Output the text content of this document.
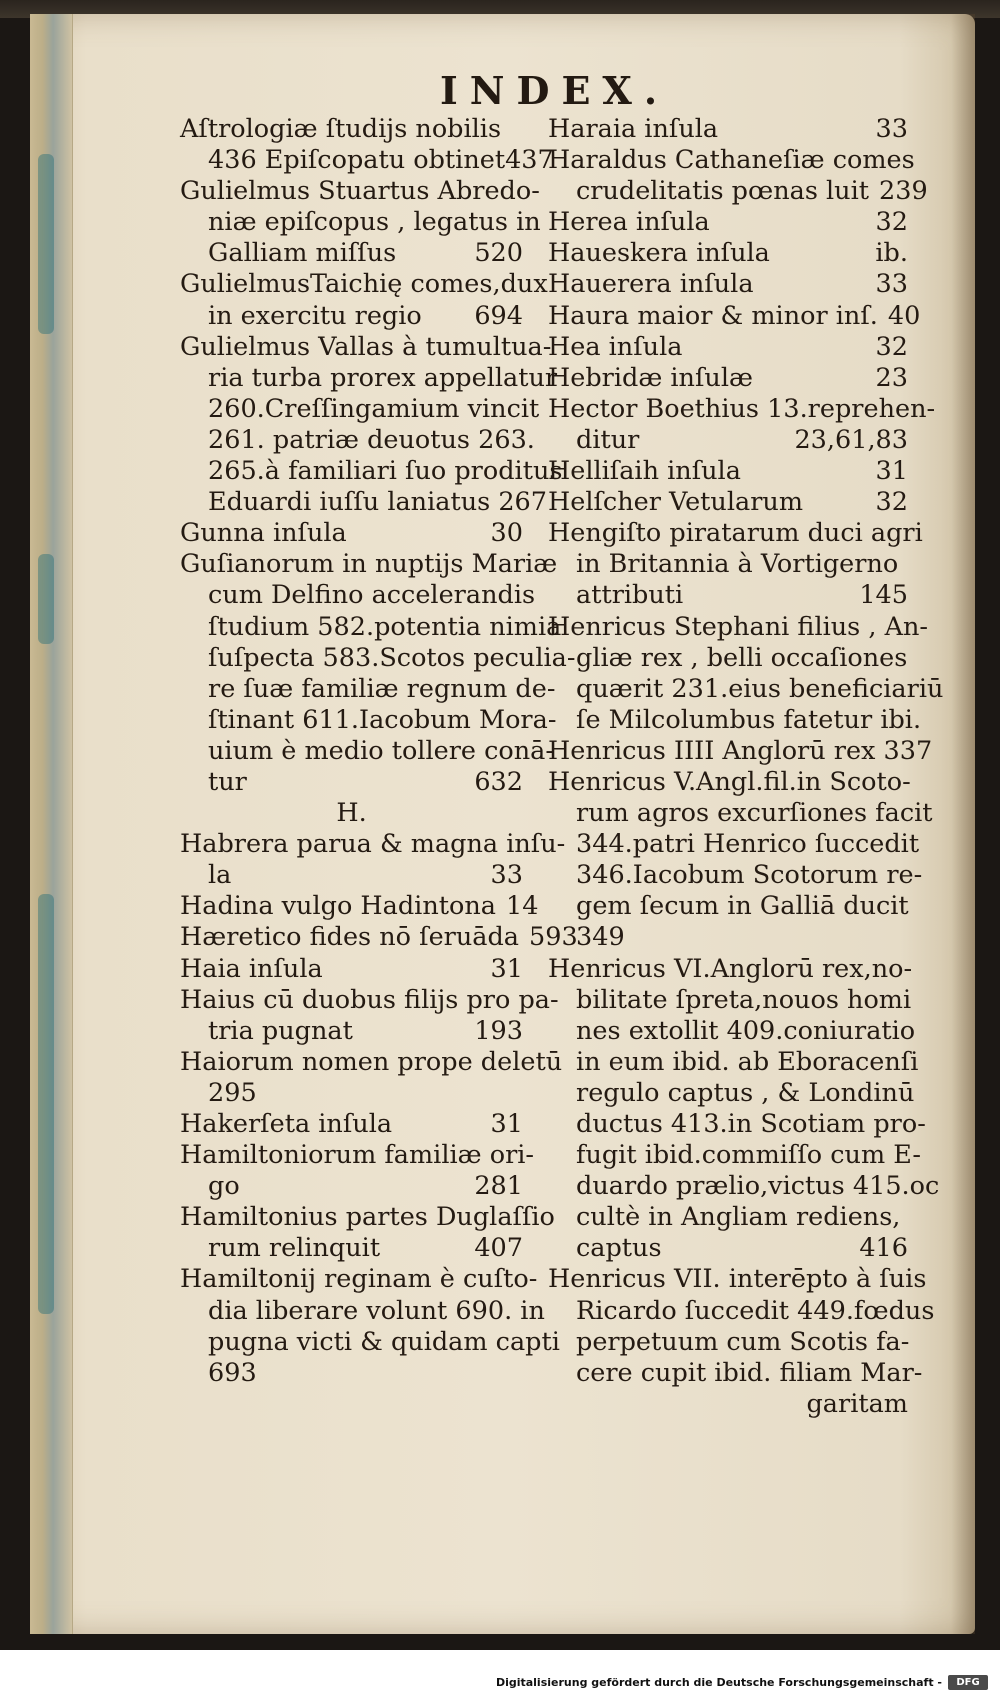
INDEX.
Aſtrologiæ ſtudijs nobilis
436 Epiſcopatu obtinet437
Gulielmus Stuartus Abredo-
niæ epiſcopus , legatus in
Galliam miſſus	520
GulielmusTaichię comes,dux
in exercitu regio	694
Gulielmus Vallas à tumultua-
ria turba prorex appellatur
260.Creſſingamium vincit
261. patriæ deuotus 263.
265.à familiari ſuo proditus
Eduardi iuſſu laniatus 267
Gunna inſula	30
Guſianorum in nuptijs Mariæ
cum Delfino accelerandis
ſtudium 582.potentia nimia
ſuſpecta 583.Scotos peculia-
re ſuæ familiæ regnum de-
ſtinant 611.Iacobum Mora-
uium è medio tollere conā-
tur	632
H.
Habrera parua & magna inſu-
la	33
Hadina vulgo Hadintona 14
Hæretico fides nō ſeruāda 593
Haia inſula	31
Haius cū duobus filijs pro pa-
tria pugnat	193
Haiorum nomen prope deletū
295
Hakerſeta inſula	31
Hamiltoniorum familiæ ori-
go	281
Hamiltonius partes Duglaſſio
rum relinquit	407
Hamiltonij reginam è cuſto-
dia liberare volunt 690. in
pugna victi & quidam capti
693
Haraia inſula	33
Haraldus Cathaneſiæ comes
crudelitatis pœnas luit 239
Herea inſula	32
Haueskera inſula	ib.
Hauerera inſula	33
Haura maior & minor inſ. 40
Hea inſula	32
Hebridæ inſulæ	23
Hector Boethius 13.reprehen-
ditur	23,61,83
Helliſaih inſula	31
Helſcher Vetularum	32
Hengiſto piratarum duci agri
in Britannia à Vortigerno
attributi	145
Henricus Stephani filius , An-
gliæ rex , belli occaſiones
quærit 231.eius beneficiariū
ſe Milcolumbus fatetur ibi.
Henricus IIII Anglorū rex 337
Henricus V.Angl.fil.in Scoto-
rum agros excurſiones facit
344.patri Henrico ſuccedit
346.Iacobum Scotorum re-
gem ſecum in Galliā ducit
349
Henricus VI.Anglorū rex,no-
bilitate ſpreta,nouos homi
nes extollit 409.coniuratio
in eum ibid. ab Eboracenſi
regulo captus , & Londinū
ductus 413.in Scotiam pro-
fugit ibid.commiſſo cum E-
duardo prælio,victus 415.oc
cultè in Angliam rediens,
captus	416
Henricus VII. interēpto à ſuis
Ricardo ſuccedit 449.fœdus
perpetuum cum Scotis fa-
cere cupit ibid. filiam Mar-
garitam
Digitalisierung gefördert durch die Deutsche Forschungsgemeinschaft -	DFG
